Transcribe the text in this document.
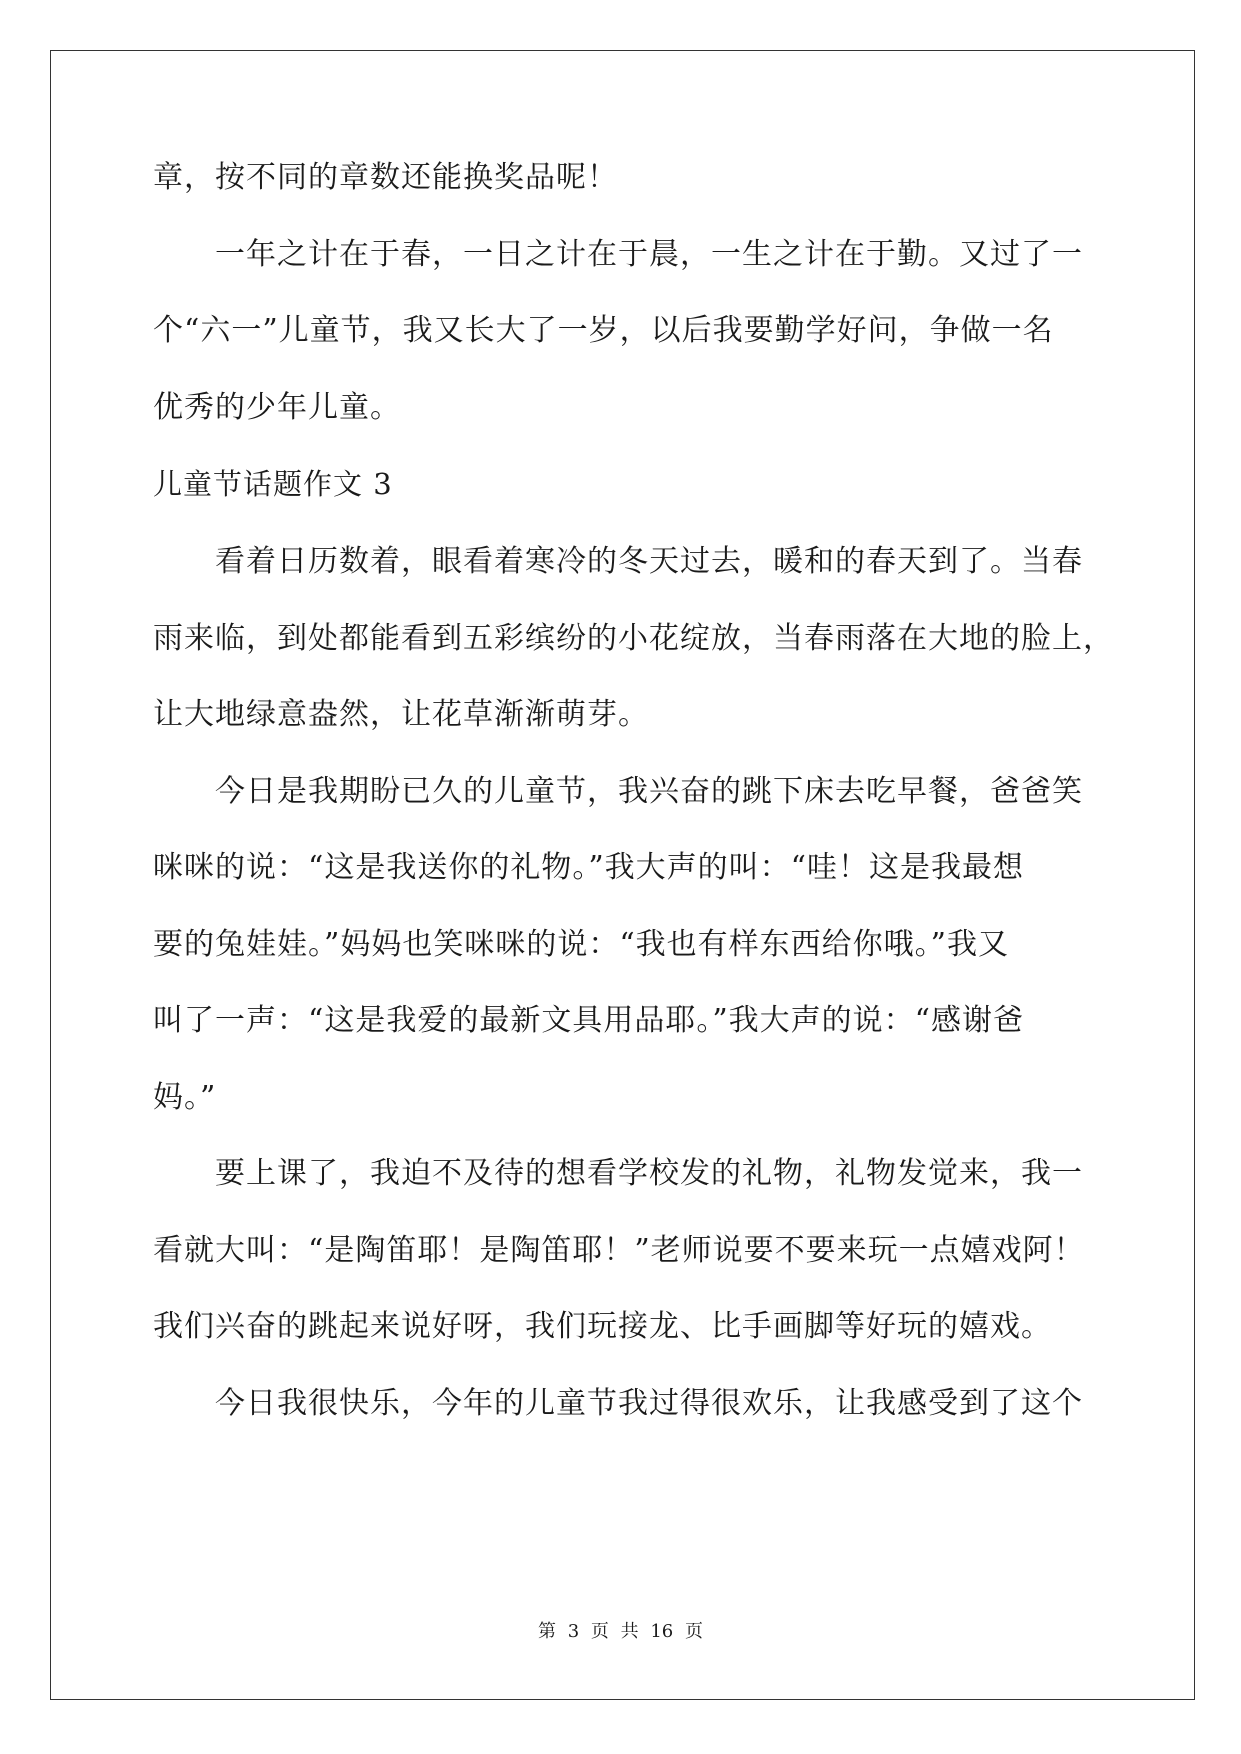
章，按不同的章数还能换奖品呢！
一年之计在于春，一日之计在于晨，一生之计在于勤。又过了一
个“六一”儿童节，我又长大了一岁，以后我要勤学好问，争做一名
优秀的少年儿童。
儿童节话题作文 3
看着日历数着，眼看着寒冷的冬天过去，暖和的春天到了。当春
雨来临，到处都能看到五彩缤纷的小花绽放，当春雨落在大地的脸上，
让大地绿意盎然，让花草渐渐萌芽。
今日是我期盼已久的儿童节，我兴奋的跳下床去吃早餐，爸爸笑
咪咪的说：“这是我送你的礼物。”我大声的叫：“哇！这是我最想
要的兔娃娃。”妈妈也笑咪咪的说：“我也有样东西给你哦。”我又
叫了一声：“这是我爱的最新文具用品耶。”我大声的说：“感谢爸
妈。”
要上课了，我迫不及待的想看学校发的礼物，礼物发觉来，我一
看就大叫：“是陶笛耶！是陶笛耶！”老师说要不要来玩一点嬉戏阿！
我们兴奋的跳起来说好呀，我们玩接龙、比手画脚等好玩的嬉戏。
今日我很快乐，今年的儿童节我过得很欢乐，让我感受到了这个
第 3 页 共 16 页
